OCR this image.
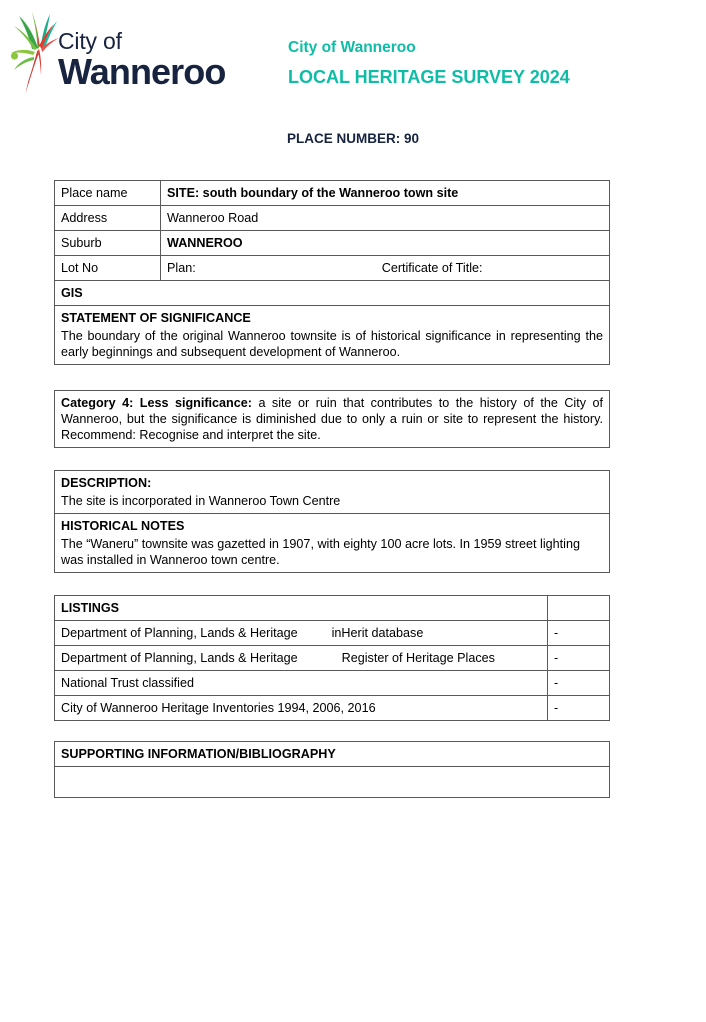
City of
Wanneroo
City of Wanneroo
LOCAL HERITAGE SURVEY 2024
PLACE NUMBER: 90
Place name	SITE: south boundary of the Wanneroo town site
Address	Wanneroo Road
Suburb	WANNEROO
Lot No	Plan: Certificate of Title:
GIS	

STATEMENT OF SIGNIFICANCE
The boundary of the original Wanneroo townsite is of historical significance in representing the early beginnings and subsequent development of Wanneroo.	
Category 4: Less significance: a site or ruin that contributes to the history of the City of Wanneroo, but the significance is diminished due to only a ruin or site to represent the history. Recommend: Recognise and interpret the site.
DESCRIPTION:
The site is incorporated in Wanneroo Town Centre

HISTORICAL NOTES
The “Waneru” townsite was gazetted in 1907, with eighty 100 acre lots. In 1959 street lighting was installed in Wanneroo town centre.
LISTINGS	
Department of Planning, Lands & Heritage inHerit database	-
Department of Planning, Lands & Heritage Register of Heritage Places	-
National Trust classified	-
City of Wanneroo Heritage Inventories 1994, 2006, 2016	-
SUPPORTING INFORMATION/BIBLIOGRAPHY
